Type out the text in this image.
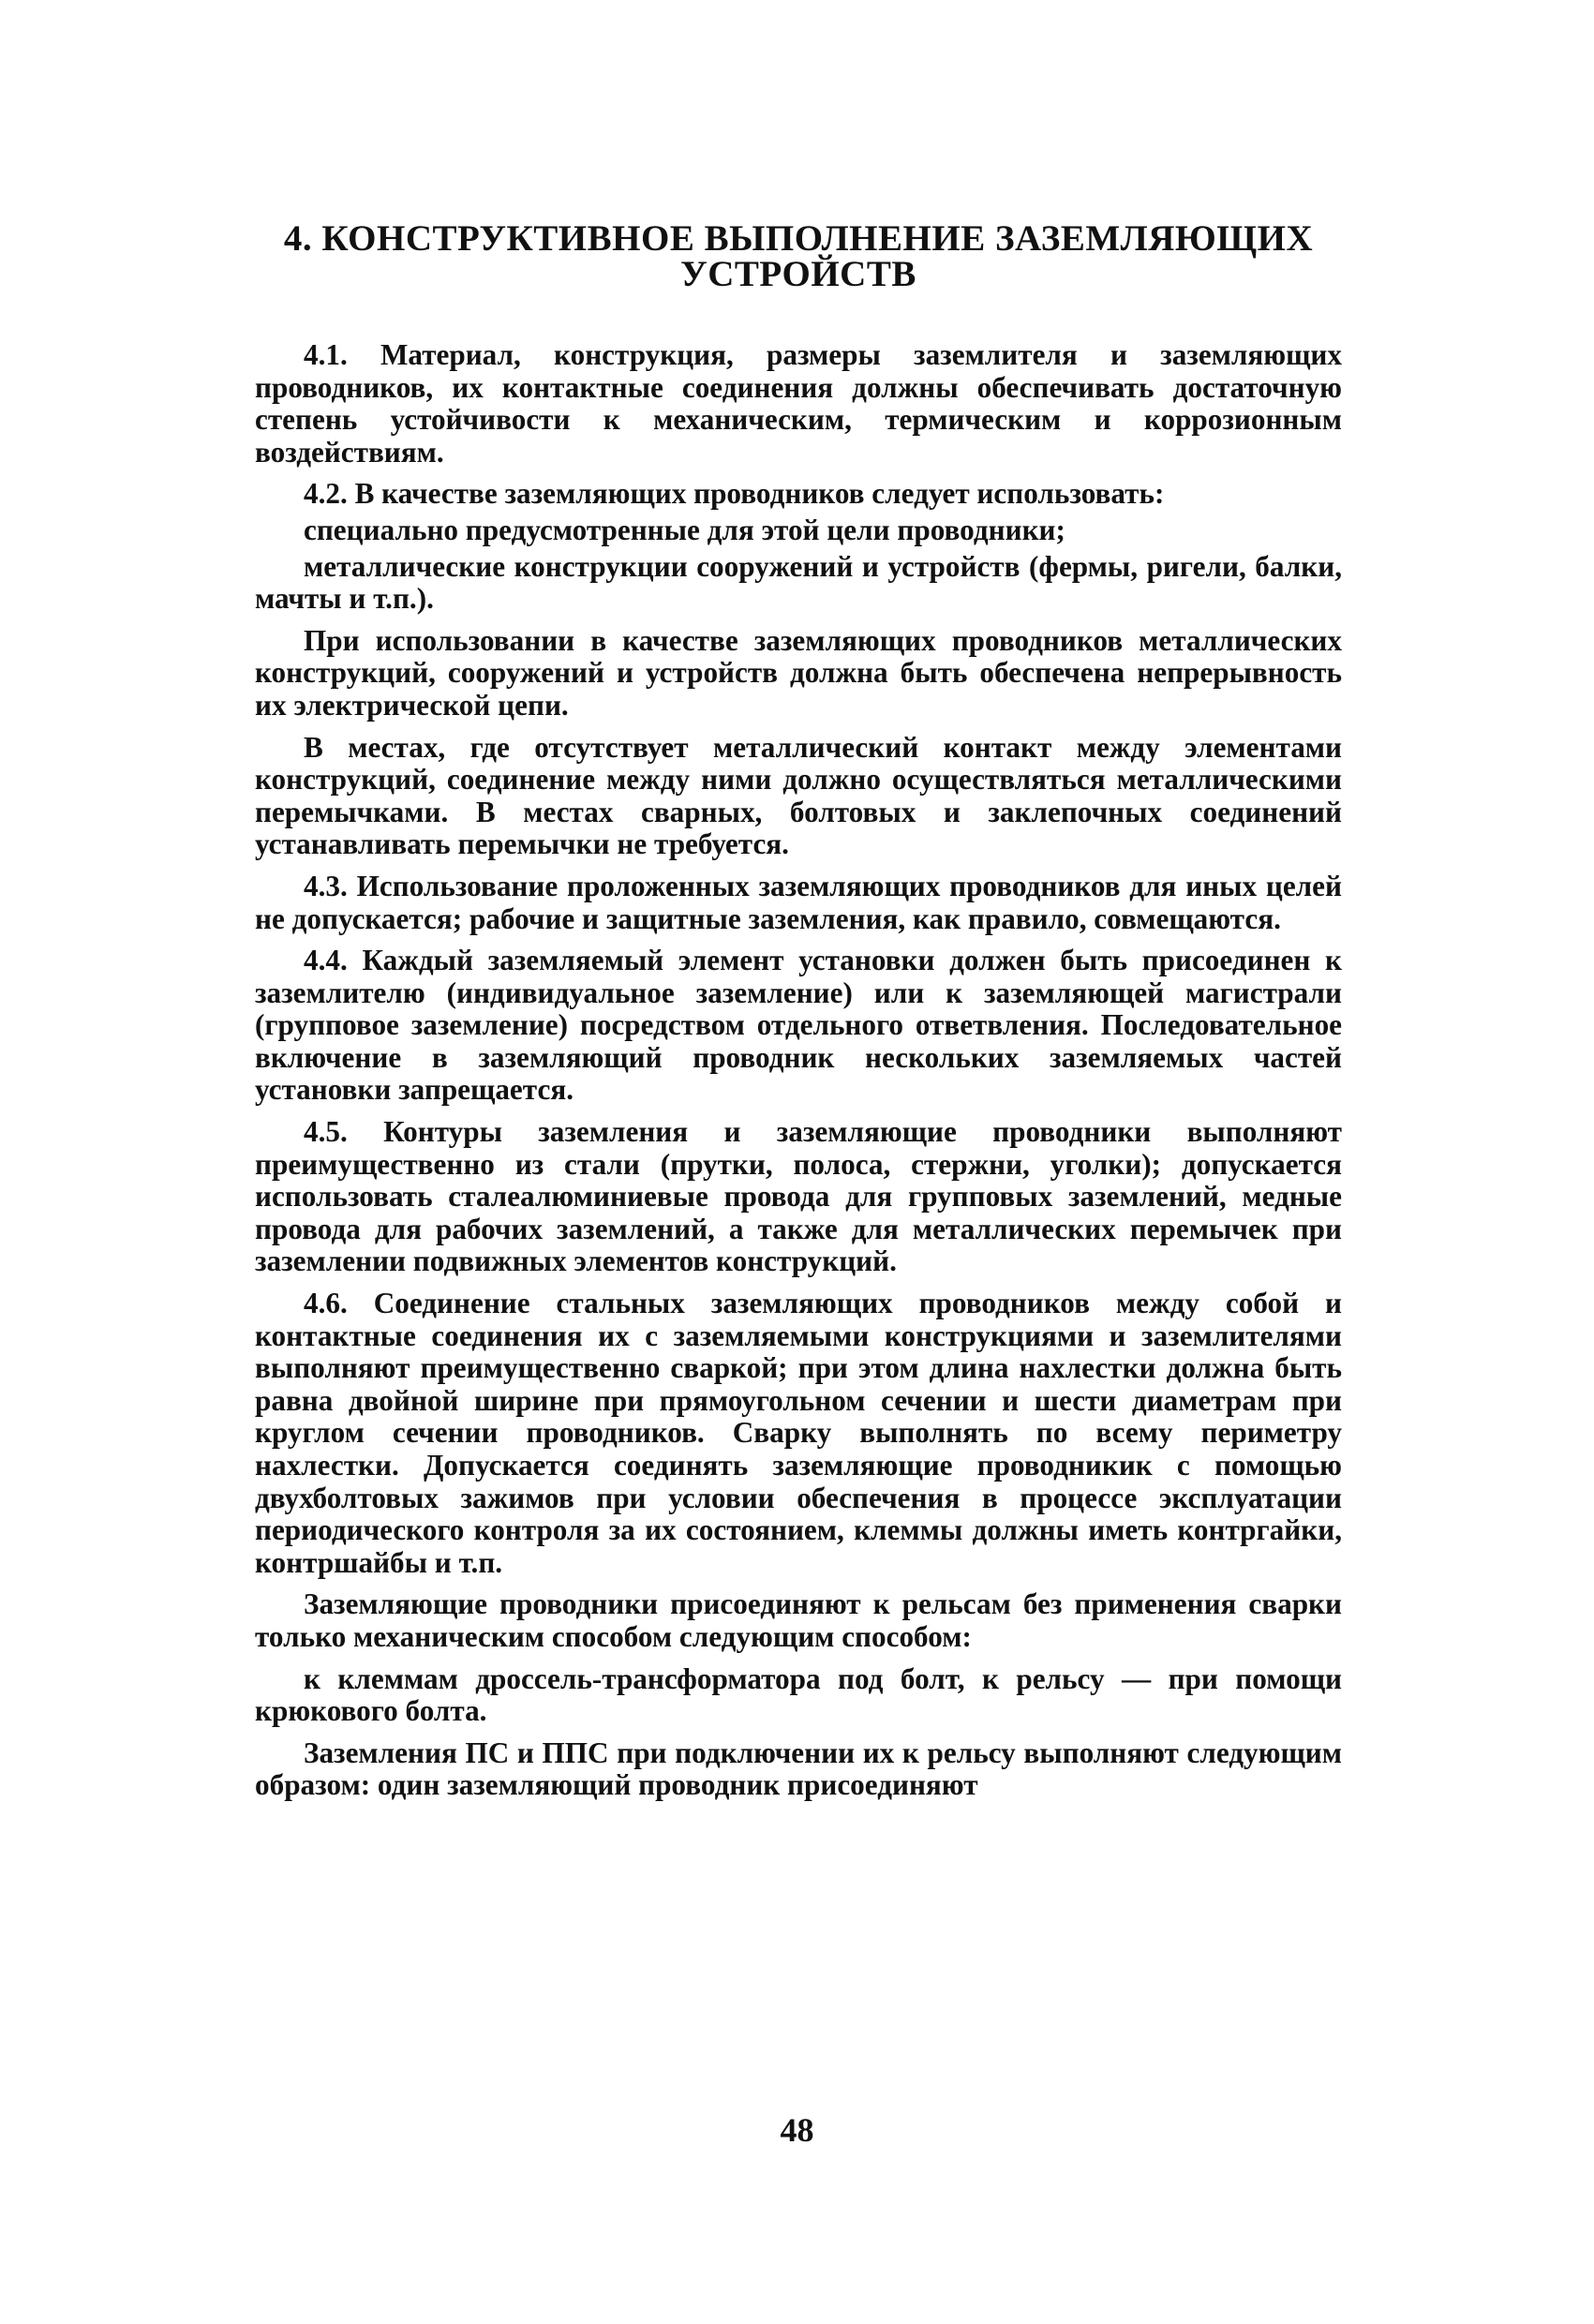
4. КОНСТРУКТИВНОЕ ВЫПОЛНЕНИЕ ЗАЗЕМЛЯЮЩИХ
УСТРОЙСТВ

4.1. Материал, конструкция, размеры заземлителя и заземляющих проводников, их контактные соединения должны обеспечивать достаточную степень устойчивости к механическим, термическим и коррозионным воздействиям.

4.2. В качестве заземляющих проводников следует использовать:

специально предусмотренные для этой цели проводники;

металлические конструкции сооружений и устройств (фермы, ригели, балки, мачты и т.п.).

При использовании в качестве заземляющих проводников металлических конструкций, сооружений и устройств должна быть обеспечена непрерывность их электрической цепи.

В местах, где отсутствует металлический контакт между элементами конструкций, соединение между ними должно осуществляться металлическими перемычками. В местах сварных, болтовых и заклепочных соединений устанавливать перемычки не требуется.

4.3. Использование проложенных заземляющих проводников для иных целей не допускается; рабочие и защитные заземления, как правило, совмещаются.

4.4. Каждый заземляемый элемент установки должен быть присоединен к заземлителю (индивидуальное заземление) или к заземляющей магистрали (групповое заземление) посредством отдельного ответвления. Последовательное включение в заземляющий проводник нескольких заземляемых частей установки запрещается.

4.5. Контуры заземления и заземляющие проводники выполняют преимущественно из стали (прутки, полоса, стержни, уголки); допускается использовать сталеалюминиевые провода для групповых заземлений, медные провода для рабочих заземлений, а также для металлических перемычек при заземлении подвижных элементов конструкций.

4.6. Соединение стальных заземляющих проводников между собой и контактные соединения их с заземляемыми конструкциями и заземлителями выполняют преимущественно сваркой; при этом длина нахлестки должна быть равна двойной ширине при прямоугольном сечении и шести диаметрам при круглом сечении проводников. Сварку выполнять по всему периметру нахлестки. Допускается соединять заземляющие проводникик с помощью двухболтовых зажимов при условии обеспечения в процессе эксплуатации периодического контроля за их состоянием, клеммы должны иметь контргайки, контршайбы и т.п.

Заземляющие проводники присоединяют к рельсам без применения сварки только механическим способом следующим способом:

к клеммам дроссель-трансформатора под болт, к рельсу — при помощи крюкового болта.

Заземления ПС и ППС при подключении их к рельсу выполняют следующим образом: один заземляющий проводник присоединяют

48
